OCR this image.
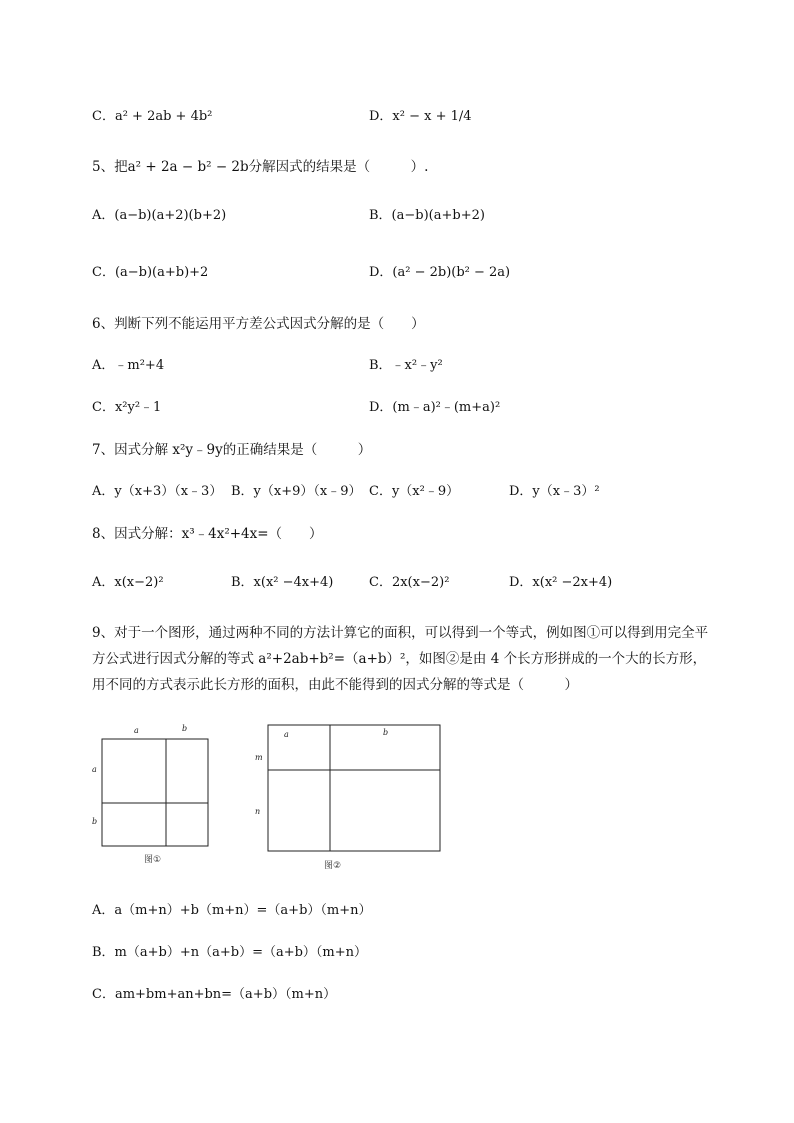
C．a² + 2ab + 4b²	D．x² − x + 1/4
5、把a² + 2a − b² − 2b分解因式的结果是（　　　）.
A．(a−b)(a+2)(b+2)	B．(a−b)(a+b+2)
C．(a−b)(a+b)+2	D．(a² − 2b)(b² − 2a)
6、判断下列不能运用平方差公式因式分解的是（　　）
A．﹣m²+4	B．﹣x²﹣y²
C．x²y²﹣1	D．(m﹣a)²﹣(m+a)²
7、因式分解 x²y﹣9y的正确结果是（　　　）
A．y（x+3）（x﹣3） B．y（x+9）（x﹣9） C．y（x²﹣9）	D．y（x﹣3）²
8、因式分解：x³﹣4x²+4x=（　　）
A．x(x−2)²	B．x(x² −4x+4)	C．2x(x−2)²	D．x(x² −2x+4)
9、对于一个图形，通过两种不同的方法计算它的面积，可以得到一个等式，例如图①可以得到用完全平方公式进行因式分解的等式 a²+2ab+b²=（a+b）²，如图②是由 4 个长方形拼成的一个大的长方形，用不同的方式表示此长方形的面积，由此不能得到的因式分解的等式是（　　　）
a	b
a
b
图①
a	b
m
n
图②
A．a（m+n）+b（m+n）=（a+b）（m+n）
B．m（a+b）+n（a+b）=（a+b）（m+n）
C．am+bm+an+bn=（a+b）（m+n）
